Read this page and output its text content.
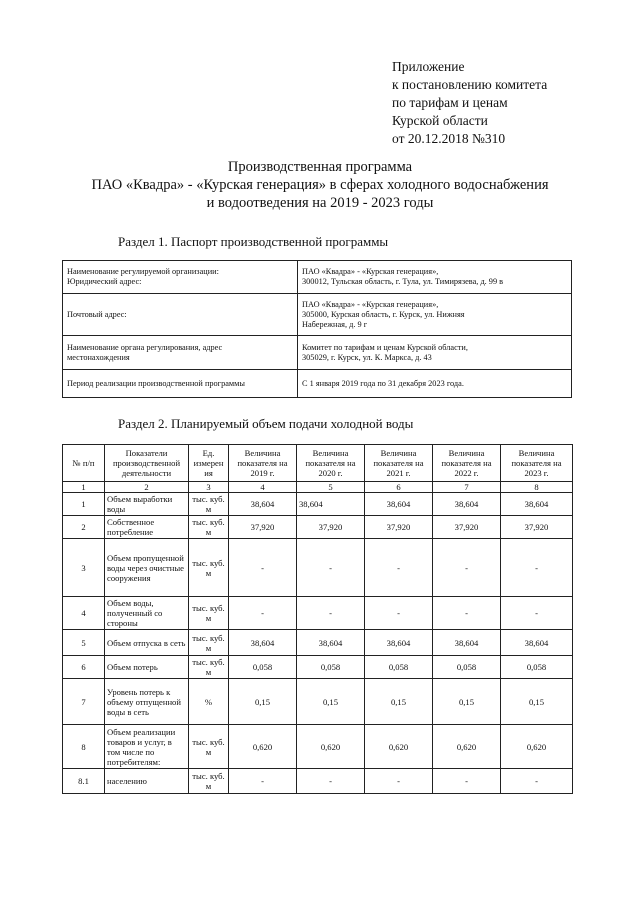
Приложение
к постановлению комитета
по тарифам и ценам
Курской области
от 20.12.2018 №310
Производственная программа
ПАО «Квадра» - «Курская генерация» в сферах холодного водоснабжения
и водоотведения на 2019 - 2023 годы
Раздел 1. Паспорт производственной программы
Наименование регулируемой организации:
Юридический адрес:	ПАО «Квадра» - «Курская генерация»,
300012, Тульская область, г. Тула, ул. Тимирязева, д. 99 в

Почтовый адрес:	ПАО «Квадра» - «Курская генерация»,
305000, Курская область, г. Курск, ул. Нижняя
Набережная, д. 9 г

Наименование органа регулирования, адрес
местонахождения	Комитет по тарифам и ценам Курской области,
305029, г. Курск, ул. К. Маркса, д. 43

Период реализации производственной программы	С 1 января 2019 года по 31 декабря 2023 года.
Раздел 2. Планируемый объем подачи холодной воды
№ п/п	Показатели производственной деятельности	Ед. измерен ия	Величина показателя на 2019 г.	Величина показателя на 2020 г.	Величина показателя на 2021 г.	Величина показателя на 2022 г.	Величина показателя на 2023 г.
1	2	3	4	5	6	7	8
1	Объем выработки воды	тыс. куб. м	38,604	38,604	38,604	38,604	38,604
2	Собственное потребление	тыс. куб. м	37,920	37,920	37,920	37,920	37,920
3	Объем пропущенной воды через очистные сооружения	тыс. куб. м	-	-	-	-	-
4	Объем воды, полученный со стороны	тыс. куб. м	-	-	-	-	-
5	Объем отпуска в сеть	тыс. куб. м	38,604	38,604	38,604	38,604	38,604
6	Объем потерь	тыс. куб. м	0,058	0,058	0,058	0,058	0,058
7	Уровень потерь к объему отпущенной воды в сеть	%	0,15	0,15	0,15	0,15	0,15
8	Объем реализации товаров и услуг, в том числе по потребителям:	тыс. куб. м	0,620	0,620	0,620	0,620	0,620
8.1	населению	тыс. куб. м	-	-	-	-	-
